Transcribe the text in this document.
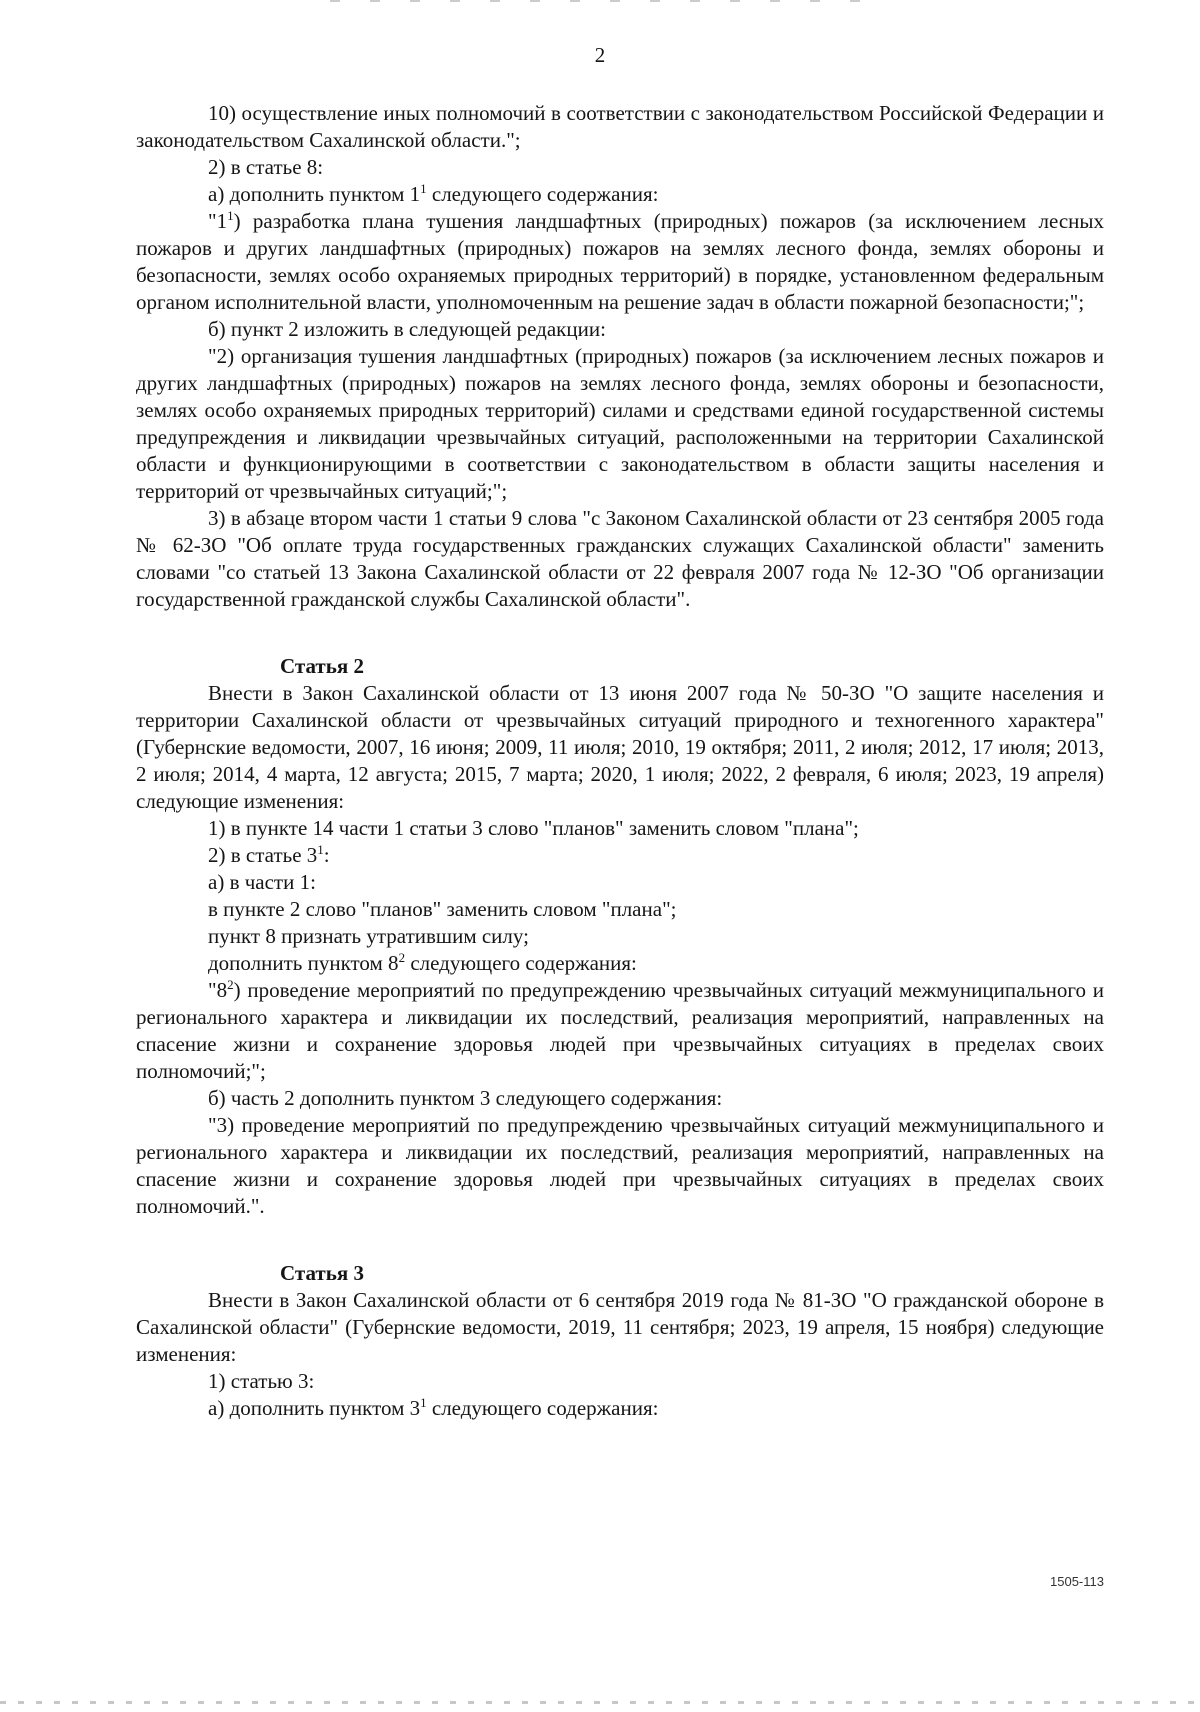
2

10) осуществление иных полномочий в соответствии с законодательством Российской Федерации и законодательством Сахалинской области.";

2) в статье 8:

а) дополнить пунктом $1^1$ следующего содержания:

"$1^1$) разработка плана тушения ландшафтных (природных) пожаров (за исключением лесных пожаров и других ландшафтных (природных) пожаров на землях лесного фонда, землях обороны и безопасности, землях особо охраняемых природных территорий) в порядке, установленном федеральным органом исполнительной власти, уполномоченным на решение задач в области пожарной безопасности;";

б) пункт 2 изложить в следующей редакции:

"2) организация тушения ландшафтных (природных) пожаров (за исключением лесных пожаров и других ландшафтных (природных) пожаров на землях лесного фонда, землях обороны и безопасности, землях особо охраняемых природных территорий) силами и средствами единой государственной системы предупреждения и ликвидации чрезвычайных ситуаций, расположенными на территории Сахалинской области и функционирующими в соответствии с законодательством в области защиты населения и территорий от чрезвычайных ситуаций;";

3) в абзаце втором части 1 статьи 9 слова "с Законом Сахалинской области от 23 сентября 2005 года № 62-ЗО "Об оплате труда государственных гражданских служащих Сахалинской области" заменить словами "со статьей 13 Закона Сахалинской области от 22 февраля 2007 года № 12-ЗО "Об организации государственной гражданской службы Сахалинской области".

Статья 2

Внести в Закон Сахалинской области от 13 июня 2007 года № 50-ЗО "О защите населения и территории Сахалинской области от чрезвычайных ситуаций природного и техногенного характера" (Губернские ведомости, 2007, 16 июня; 2009, 11 июля; 2010, 19 октября; 2011, 2 июля; 2012, 17 июля; 2013, 2 июля; 2014, 4 марта, 12 августа; 2015, 7 марта; 2020, 1 июля; 2022, 2 февраля, 6 июля; 2023, 19 апреля) следующие изменения:

1) в пункте 14 части 1 статьи 3 слово "планов" заменить словом "плана";

2) в статье $3^1$:

а) в части 1:

в пункте 2 слово "планов" заменить словом "плана";

пункт 8 признать утратившим силу;

дополнить пунктом $8^2$ следующего содержания:

"$8^2$) проведение мероприятий по предупреждению чрезвычайных ситуаций межмуниципального и регионального характера и ликвидации их последствий, реализация мероприятий, направленных на спасение жизни и сохранение здоровья людей при чрезвычайных ситуациях в пределах своих полномочий;";

б) часть 2 дополнить пунктом 3 следующего содержания:

"3) проведение мероприятий по предупреждению чрезвычайных ситуаций межмуниципального и регионального характера и ликвидации их последствий, реализация мероприятий, направленных на спасение жизни и сохранение здоровья людей при чрезвычайных ситуациях в пределах своих полномочий.".

Статья 3

Внести в Закон Сахалинской области от 6 сентября 2019 года № 81-ЗО "О гражданской обороне в Сахалинской области" (Губернские ведомости, 2019, 11 сентября; 2023, 19 апреля, 15 ноября) следующие изменения:

1) статью 3:

а) дополнить пунктом $3^1$ следующего содержания:

1505-113
